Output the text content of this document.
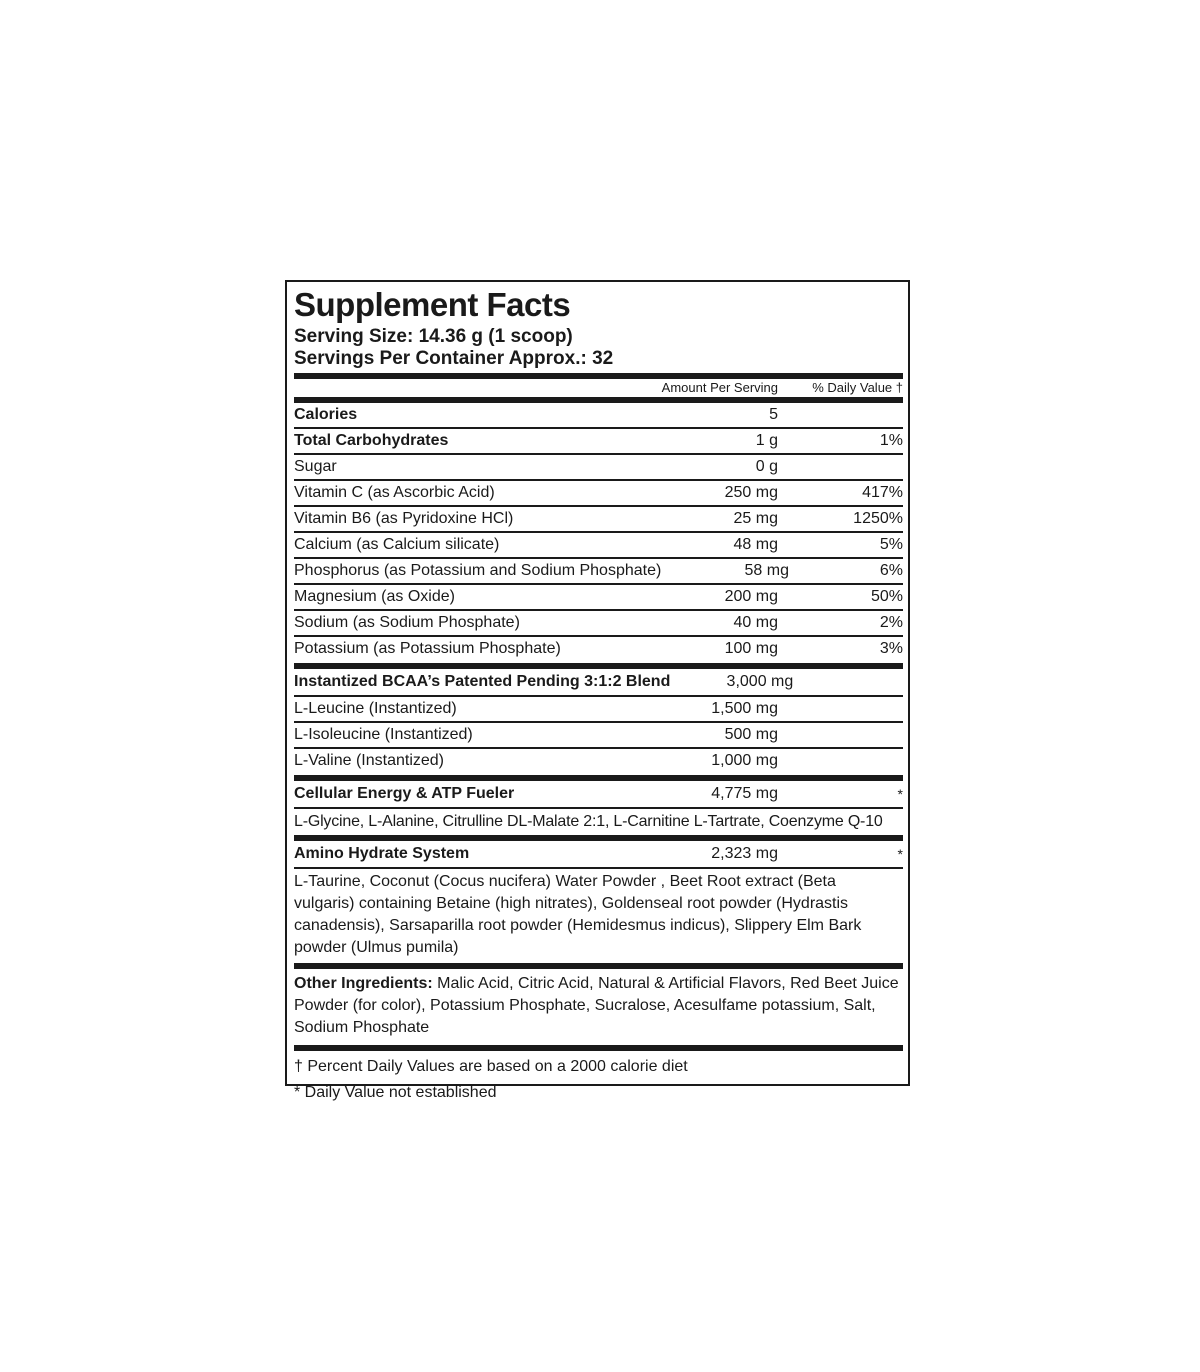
Supplement Facts
Serving Size: 14.36 g (1 scoop)
Servings Per Container Approx.: 32
Amount Per Serving	% Daily Value †
Calories	5
Total Carbohydrates	1 g	1%
Sugar	0 g
Vitamin C (as Ascorbic Acid)	250 mg	417%
Vitamin B6 (as Pyridoxine HCl)	25 mg	1250%
Calcium (as Calcium silicate)	48 mg	5%
Phosphorus (as Potassium and Sodium Phosphate)	58 mg	6%
Magnesium (as Oxide)	200 mg	50%
Sodium (as Sodium Phosphate)	40 mg	2%
Potassium (as Potassium Phosphate)	100 mg	3%
Instantized BCAA’s Patented Pending 3:1:2 Blend	3,000 mg
L-Leucine (Instantized)	1,500 mg
L-Isoleucine (Instantized)	500 mg
L-Valine (Instantized)	1,000 mg
Cellular Energy & ATP Fueler	4,775 mg	*
L-Glycine, L-Alanine, Citrulline DL-Malate 2:1, L-Carnitine L-Tartrate, Coenzyme Q-10
Amino Hydrate System	2,323 mg	*
L-Taurine, Coconut (Cocus nucifera) Water Powder , Beet Root extract (Beta vulgaris) containing Betaine (high nitrates), Goldenseal root powder (Hydrastis canadensis), Sarsaparilla root powder (Hemidesmus indicus), Slippery Elm Bark powder (Ulmus pumila)
Other Ingredients: Malic Acid, Citric Acid, Natural & Artificial Flavors, Red Beet Juice Powder (for color), Potassium Phosphate, Sucralose, Acesulfame potassium, Salt, Sodium Phosphate
† Percent Daily Values are based on a 2000 calorie diet
* Daily Value not established
